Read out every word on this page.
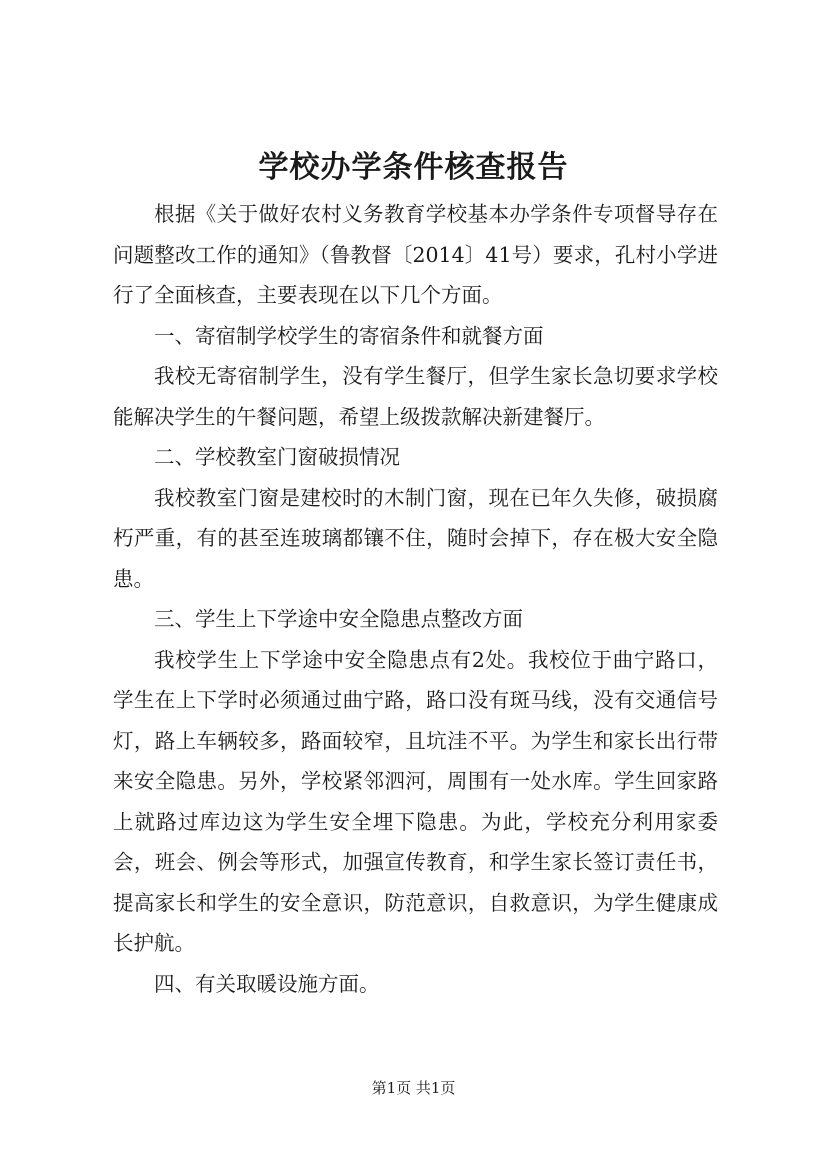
学校办学条件核查报告

根据《关于做好农村义务教育学校基本办学条件专项督导存在问题整改工作的通知》（鲁教督〔2014〕41号）要求，孔村小学进行了全面核查，主要表现在以下几个方面。

一、寄宿制学校学生的寄宿条件和就餐方面

我校无寄宿制学生，没有学生餐厅，但学生家长急切要求学校能解决学生的午餐问题，希望上级拨款解决新建餐厅。

二、学校教室门窗破损情况

我校教室门窗是建校时的木制门窗，现在已年久失修，破损腐朽严重，有的甚至连玻璃都镶不住，随时会掉下，存在极大安全隐患。

三、学生上下学途中安全隐患点整改方面

我校学生上下学途中安全隐患点有2处。我校位于曲宁路口，学生在上下学时必须通过曲宁路，路口没有斑马线，没有交通信号灯，路上车辆较多，路面较窄，且坑洼不平。为学生和家长出行带来安全隐患。另外，学校紧邻泗河，周围有一处水库。学生回家路上就路过库边这为学生安全埋下隐患。为此，学校充分利用家委会，班会、例会等形式，加强宣传教育，和学生家长签订责任书，提高家长和学生的安全意识，防范意识，自救意识，为学生健康成长护航。

四、有关取暖设施方面。

第1页 共1页
